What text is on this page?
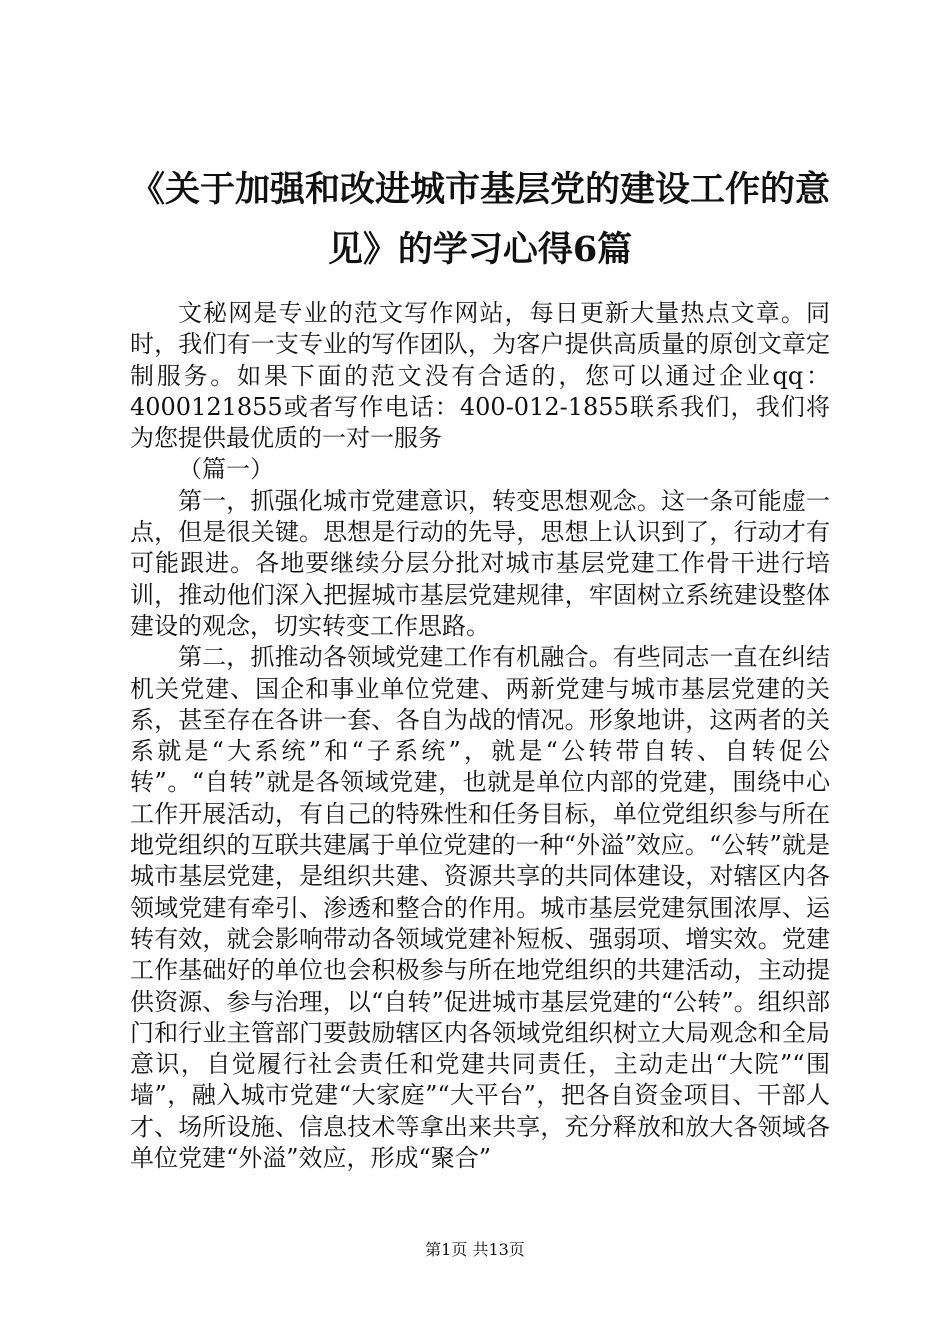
《关于加强和改进城市基层党的建设工作的意见》的学习心得6篇

文秘网是专业的范文写作网站，每日更新大量热点文章。同时，我们有一支专业的写作团队，为客户提供高质量的原创文章定制服务。如果下面的范文没有合适的，您可以通过企业qq：4000121855或者写作电话：400-012-1855联系我们，我们将为您提供最优质的一对一服务

（篇一）

第一，抓强化城市党建意识，转变思想观念。这一条可能虚一点，但是很关键。思想是行动的先导，思想上认识到了，行动才有可能跟进。各地要继续分层分批对城市基层党建工作骨干进行培训，推动他们深入把握城市基层党建规律，牢固树立系统建设整体建设的观念，切实转变工作思路。

第二，抓推动各领域党建工作有机融合。有些同志一直在纠结机关党建、国企和事业单位党建、两新党建与城市基层党建的关系，甚至存在各讲一套、各自为战的情况。形象地讲，这两者的关系就是“大系统”和“子系统”，就是“公转带自转、自转促公转”。“自转”就是各领域党建，也就是单位内部的党建，围绕中心工作开展活动，有自己的特殊性和任务目标，单位党组织参与所在地党组织的互联共建属于单位党建的一种“外溢”效应。“公转”就是城市基层党建，是组织共建、资源共享的共同体建设，对辖区内各领域党建有牵引、渗透和整合的作用。城市基层党建氛围浓厚、运转有效，就会影响带动各领域党建补短板、强弱项、增实效。党建工作基础好的单位也会积极参与所在地党组织的共建活动，主动提供资源、参与治理，以“自转”促进城市基层党建的“公转”。组织部门和行业主管部门要鼓励辖区内各领域党组织树立大局观念和全局意识，自觉履行社会责任和党建共同责任，主动走出“大院”“围墙”，融入城市党建“大家庭”“大平台”，把各自资金项目、干部人才、场所设施、信息技术等拿出来共享，充分释放和放大各领域各单位党建“外溢”效应，形成“聚合”

第1页 共13页
